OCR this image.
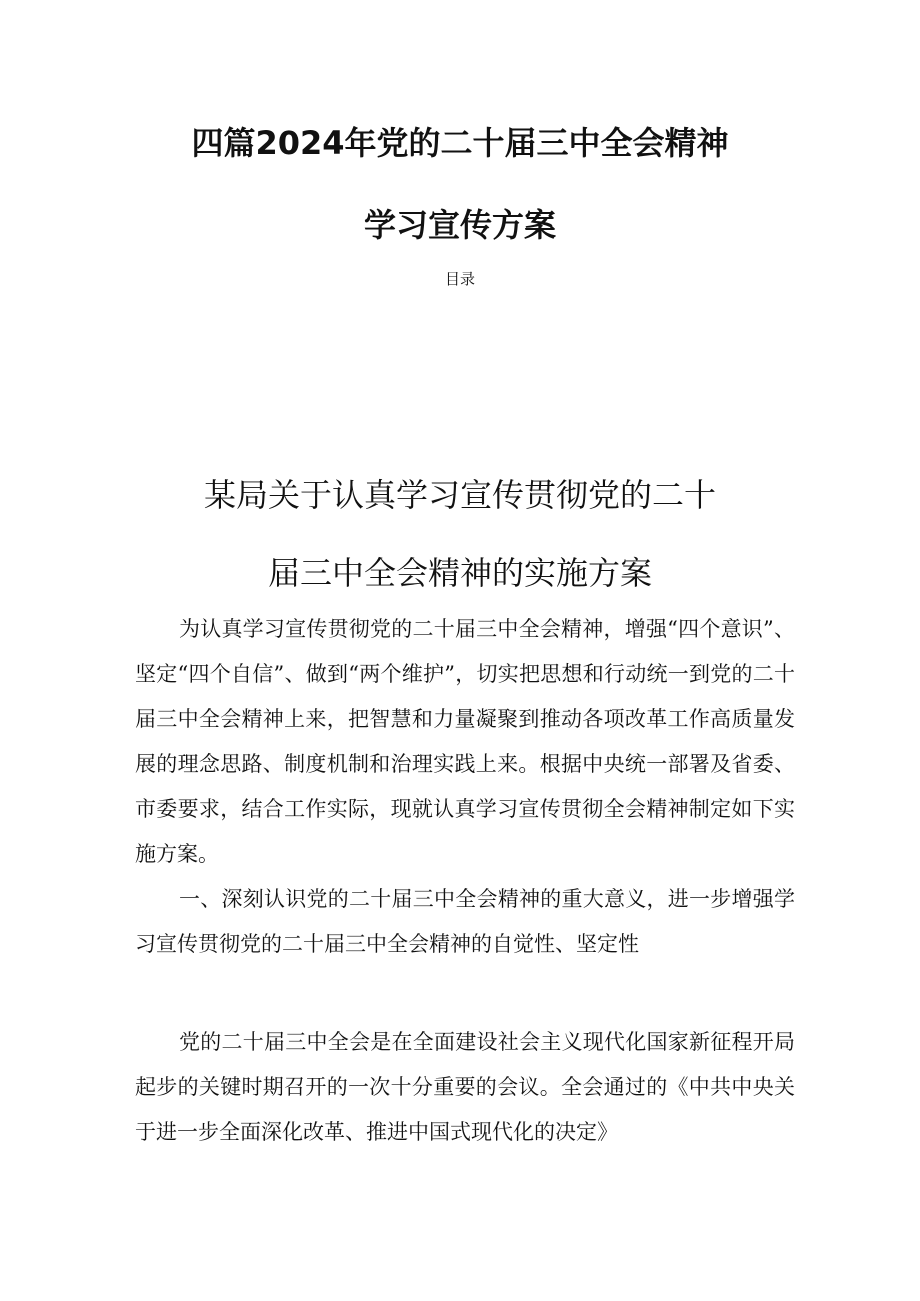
四篇2024年党的二十届三中全会精神
学习宣传方案
目录
某局关于认真学习宣传贯彻党的二十
届三中全会精神的实施方案

为认真学习宣传贯彻党的二十届三中全会精神，增强“四个意识”、坚定“四个自信”、做到“两个维护”，切实把思想和行动统一到党的二十届三中全会精神上来，把智慧和力量凝聚到推动各项改革工作高质量发展的理念思路、制度机制和治理实践上来。根据中央统一部署及省委、市委要求，结合工作实际，现就认真学习宣传贯彻全会精神制定如下实施方案。

一、深刻认识党的二十届三中全会精神的重大意义，进一步增强学习宣传贯彻党的二十届三中全会精神的自觉性、坚定性

党的二十届三中全会是在全面建设社会主义现代化国家新征程开局起步的关键时期召开的一次十分重要的会议。全会通过的《中共中央关于进一步全面深化改革、推进中国式现代化的决定》
